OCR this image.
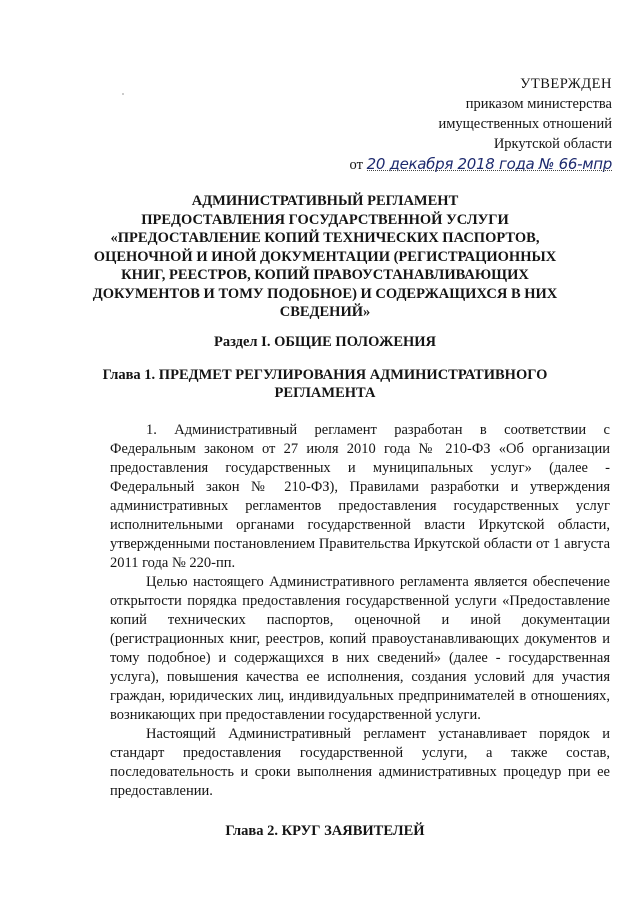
УТВЕРЖДЕН
приказом министерства
имущественных отношений
Иркутской области
от 20 декабря 2018 года № 66-мпр
АДМИНИСТРАТИВНЫЙ РЕГЛАМЕНТ
ПРЕДОСТАВЛЕНИЯ ГОСУДАРСТВЕННОЙ УСЛУГИ
«ПРЕДОСТАВЛЕНИЕ КОПИЙ ТЕХНИЧЕСКИХ ПАСПОРТОВ,
ОЦЕНОЧНОЙ И ИНОЙ ДОКУМЕНТАЦИИ (РЕГИСТРАЦИОННЫХ
КНИГ, РЕЕСТРОВ, КОПИЙ ПРАВОУСТАНАВЛИВАЮЩИХ
ДОКУМЕНТОВ И ТОМУ ПОДОБНОЕ) И СОДЕРЖАЩИХСЯ В НИХ
СВЕДЕНИЙ»
Раздел I. ОБЩИЕ ПОЛОЖЕНИЯ
Глава 1. ПРЕДМЕТ РЕГУЛИРОВАНИЯ АДМИНИСТРАТИВНОГО
РЕГЛАМЕНТА

1. Административный регламент разработан в соответствии с Федеральным законом от 27 июля 2010 года № 210-ФЗ «Об организации предоставления государственных и муниципальных услуг» (далее - Федеральный закон № 210-ФЗ), Правилами разработки и утверждения административных регламентов предоставления государственных услуг исполнительными органами государственной власти Иркутской области, утвержденными постановлением Правительства Иркутской области от 1 августа 2011 года № 220-пп.

Целью настоящего Административного регламента является обеспечение открытости порядка предоставления государственной услуги «Предоставление копий технических паспортов, оценочной и иной документации (регистрационных книг, реестров, копий правоустанавливающих документов и тому подобное) и содержащихся в них сведений» (далее - государственная услуга), повышения качества ее исполнения, создания условий для участия граждан, юридических лиц, индивидуальных предпринимателей в отношениях, возникающих при предоставлении государственной услуги.

Настоящий Административный регламент устанавливает порядок и стандарт предоставления государственной услуги, а также состав, последовательность и сроки выполнения административных процедур при ее предоставлении.

Глава 2. КРУГ ЗАЯВИТЕЛЕЙ
